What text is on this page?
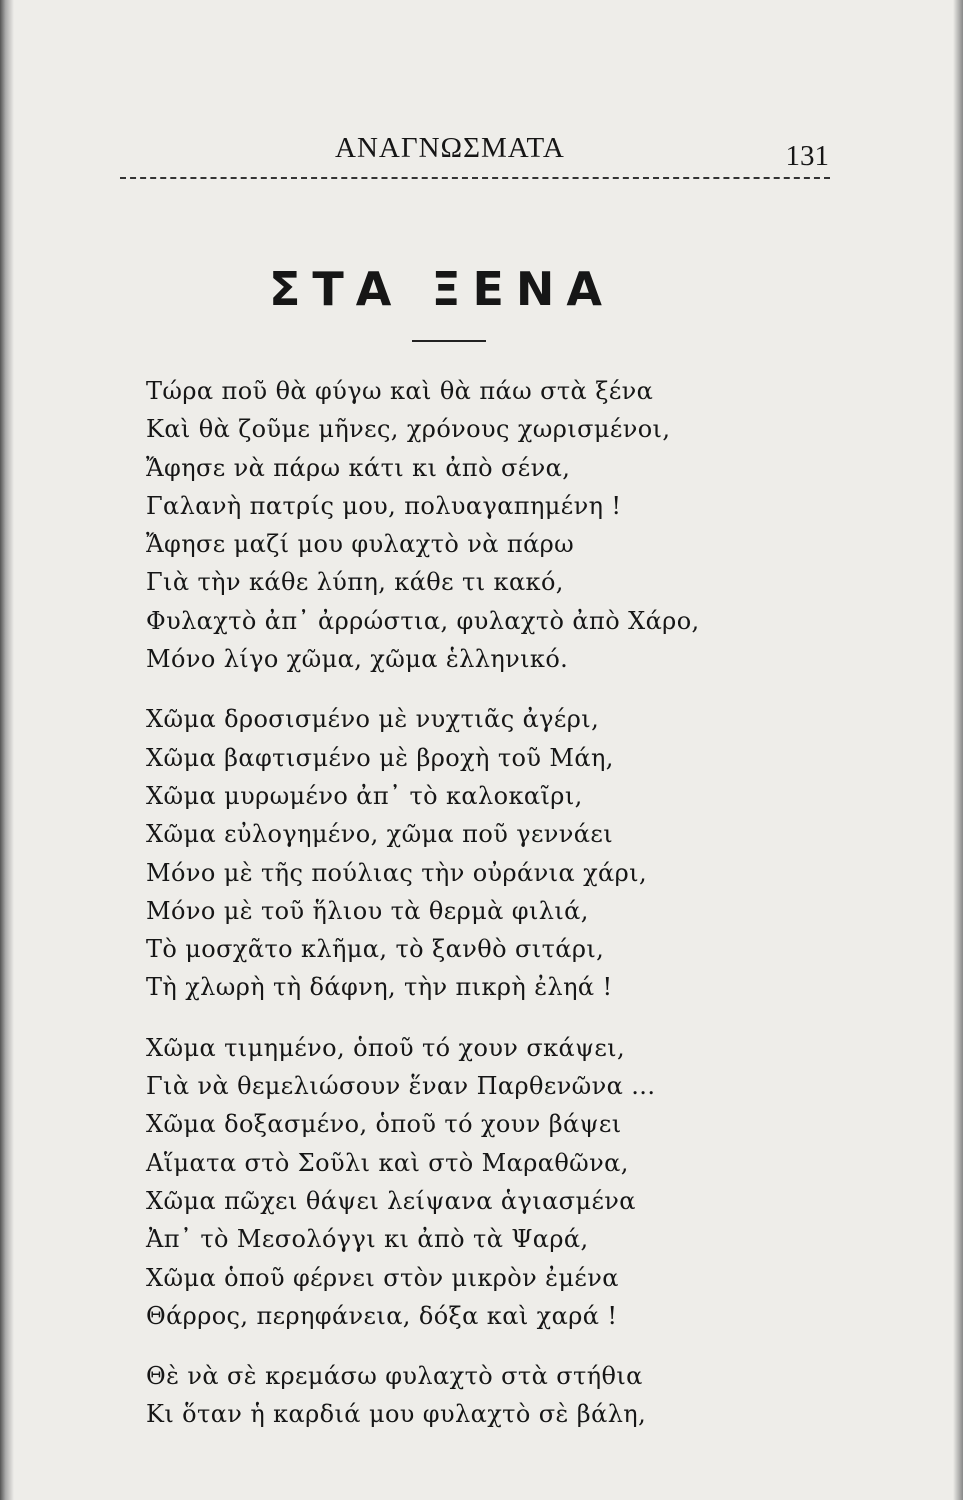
ΑΝΑΓΝΩΣΜΑΤΑ	131
ΣΤΑ ΞΕΝΑ
Τώρα ποῦ θὰ φύγω καὶ θὰ πάω στὰ ξένα
Καὶ θὰ ζοῦμε μῆνες, χρόνους χωρισμένοι,
Ἄφησε νὰ πάρω κάτι κι ἀπὸ σένα,
Γαλανὴ πατρίς μου, πολυαγαπημένη !
Ἄφησε μαζί μου φυλαχτὸ νὰ πάρω
Γιὰ τὴν κάθε λύπη, κάθε τι κακό,
Φυλαχτὸ ἀπ᾿ ἀρρώστια, φυλαχτὸ ἀπὸ Χάρο,
Μόνο λίγο χῶμα, χῶμα ἑλληνικό.
Χῶμα δροσισμένο μὲ νυχτιᾶς ἀγέρι,
Χῶμα βαφτισμένο μὲ βροχὴ τοῦ Μάη,
Χῶμα μυρωμένο ἀπ᾿ τὸ καλοκαῖρι,
Χῶμα εὐλογημένο, χῶμα ποῦ γεννάει
Μόνο μὲ τῆς πούλιας τὴν οὐράνια χάρι,
Μόνο μὲ τοῦ ἥλιου τὰ θερμὰ φιλιά,
Τὸ μοσχᾶτο κλῆμα, τὸ ξανθὸ σιτάρι,
Τὴ χλωρὴ τὴ δάφνη, τὴν πικρὴ ἐληά !
Χῶμα τιμημένο, ὁποῦ τό χουν σκάψει,
Γιὰ νὰ θεμελιώσουν ἕναν Παρθενῶνα ...
Χῶμα δοξασμένο, ὁποῦ τό χουν βάψει
Αἵματα στὸ Σοῦλι καὶ στὸ Μαραθῶνα,
Χῶμα πῶχει θάψει λείψανα ἁγιασμένα
Ἀπ᾿ τὸ Μεσολόγγι κι ἀπὸ τὰ Ψαρά,
Χῶμα ὁποῦ φέρνει στὸν μικρὸν ἐμένα
Θάρρος, περηφάνεια, δόξα καὶ χαρά !
Θὲ νὰ σὲ κρεμάσω φυλαχτὸ στὰ στήθια
Κι ὅταν ἡ καρδιά μου φυλαχτὸ σὲ βάλη,
